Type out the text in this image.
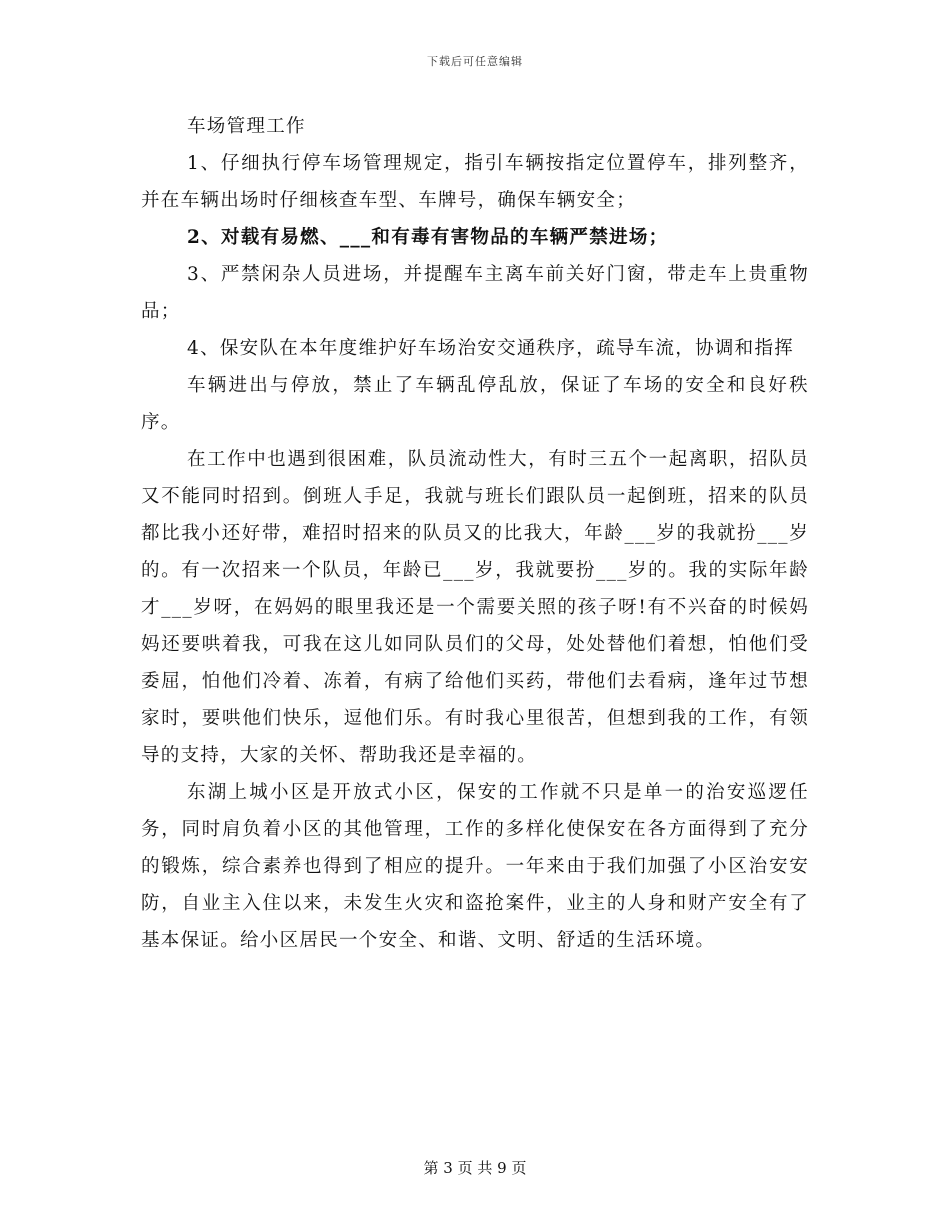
下载后可任意编辑

车场管理工作

1、仔细执行停车场管理规定，指引车辆按指定位置停车，排列整齐，并在车辆出场时仔细核查车型、车牌号，确保车辆安全；

2、对载有易燃、___和有毒有害物品的车辆严禁进场；

3、严禁闲杂人员进场，并提醒车主离车前关好门窗，带走车上贵重物品；

4、保安队在本年度维护好车场治安交通秩序，疏导车流，协调和指挥

车辆进出与停放，禁止了车辆乱停乱放，保证了车场的安全和良好秩序。

在工作中也遇到很困难，队员流动性大，有时三五个一起离职，招队员又不能同时招到。倒班人手足，我就与班长们跟队员一起倒班，招来的队员都比我小还好带，难招时招来的队员又的比我大，年龄___岁的我就扮___岁的。有一次招来一个队员，年龄已___岁，我就要扮___岁的。我的实际年龄才___岁呀，在妈妈的眼里我还是一个需要关照的孩子呀!有不兴奋的时候妈妈还要哄着我，可我在这儿如同队员们的父母，处处替他们着想，怕他们受委屈，怕他们冷着、冻着，有病了给他们买药，带他们去看病，逢年过节想家时，要哄他们快乐，逗他们乐。有时我心里很苦，但想到我的工作，有领导的支持，大家的关怀、帮助我还是幸福的。

东湖上城小区是开放式小区，保安的工作就不只是单一的治安巡逻任务，同时肩负着小区的其他管理，工作的多样化使保安在各方面得到了充分的锻炼，综合素养也得到了相应的提升。一年来由于我们加强了小区治安安防，自业主入住以来，未发生火灾和盗抢案件，业主的人身和财产安全有了基本保证。给小区居民一个安全、和谐、文明、舒适的生活环境。

第 3 页 共 9 页
